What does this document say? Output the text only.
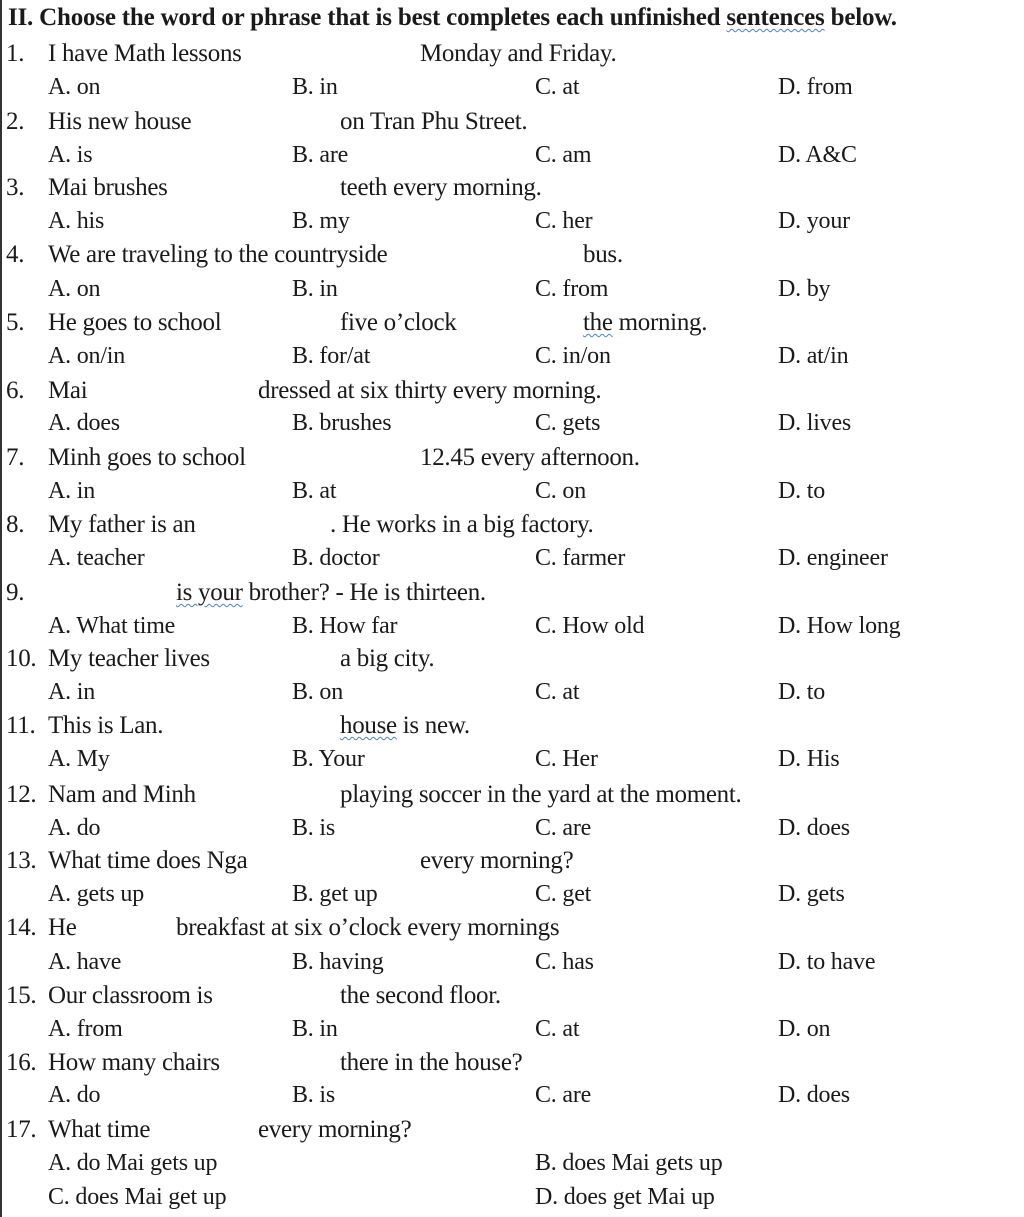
II. Choose the word or phrase that is best completes each unfinished sentences below.
1. I have Math lessons	Monday and Friday.
A. on	B. in	C. at	D. from
2. His new house	on Tran Phu Street.
A. is	B. are	C. am	D. A&C
3. Mai brushes	teeth every morning.
A. his	B. my	C. her	D. your
4. We are traveling to the countryside	bus.
A. on	B. in	C. from	D. by
5. He goes to school	five o’clock	the morning.
A. on/in	B. for/at	C. in/on	D. at/in
6. Mai	dressed at six thirty every morning.
A. does	B. brushes	C. gets	D. lives
7. Minh goes to school	12.45 every afternoon.
A. in	B. at	C. on	D. to
8. My father is an	. He works in a big factory.
A. teacher	B. doctor	C. farmer	D. engineer
9.	is your brother? - He is thirteen.
A. What time	B. How far	C. How old	D. How long
10. My teacher lives	a big city.
A. in	B. on	C. at	D. to
11. This is Lan.	house is new.
A. My	B. Your	C. Her	D. His
12. Nam and Minh	playing soccer in the yard at the moment.
A. do	B. is	C. are	D. does
13. What time does Nga	every morning?
A. gets up	B. get up	C. get	D. gets
14. He	breakfast at six o’clock every mornings
A. have	B. having	C. has	D. to have
15. Our classroom is	the second floor.
A. from	B. in	C. at	D. on
16. How many chairs	there in the house?
A. do	B. is	C. are	D. does
17. What time	every morning?
A. do Mai gets up	B. does Mai gets up
C. does Mai get up	D. does get Mai up
